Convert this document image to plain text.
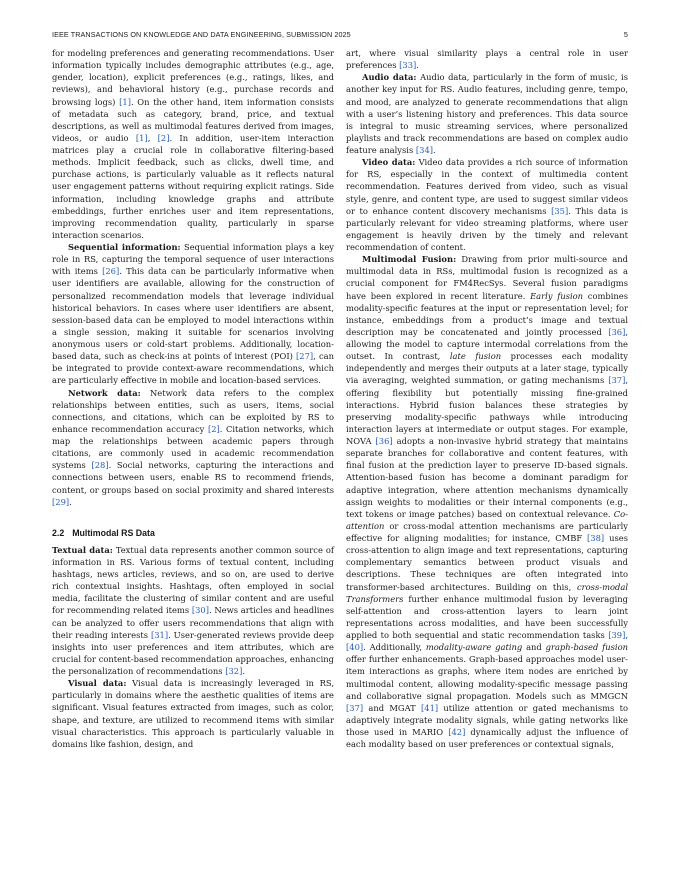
IEEE TRANSACTIONS ON KNOWLEDGE AND DATA ENGINEERING, SUBMISSION 2025	5

for modeling preferences and generating recommendations. User information typically includes demographic attributes (e.g., age, gender, location), explicit preferences (e.g., ratings, likes, and reviews), and behavioral history (e.g., purchase records and browsing logs) [1]. On the other hand, item information consists of metadata such as category, brand, price, and textual descriptions, as well as multimodal features derived from images, videos, or audio [1], [2]. In addition, user-item interaction matrices play a crucial role in collaborative filtering-based methods. Implicit feedback, such as clicks, dwell time, and purchase actions, is particularly valuable as it reflects natural user engagement patterns without requiring explicit ratings. Side information, including knowledge graphs and attribute embeddings, further enriches user and item representations, improving recommendation quality, particularly in sparse interaction scenarios.

Sequential information: Sequential information plays a key role in RS, capturing the temporal sequence of user interactions with items [26]. This data can be particularly informative when user identifiers are available, allowing for the construction of personalized recommendation models that leverage individual historical behaviors. In cases where user identifiers are absent, session-based data can be employed to model interactions within a single session, making it suitable for scenarios involving anonymous users or cold-start problems. Additionally, location-based data, such as check-ins at points of interest (POI) [27], can be integrated to provide context-aware recommendations, which are particularly effective in mobile and location-based services.

Network data: Network data refers to the complex relationships between entities, such as users, items, social connections, and citations, which can be exploited by RS to enhance recommendation accuracy [2]. Citation networks, which map the relationships between academic papers through citations, are commonly used in academic recommendation systems [28]. Social networks, capturing the interactions and connections between users, enable RS to recommend friends, content, or groups based on social proximity and shared interests [29].

2.2 Multimodal RS Data

Textual data: Textual data represents another common source of information in RS. Various forms of textual content, including hashtags, news articles, reviews, and so on, are used to derive rich contextual insights. Hashtags, often employed in social media, facilitate the clustering of similar content and are useful for recommending related items [30]. News articles and headlines can be analyzed to offer users recommendations that align with their reading interests [31]. User-generated reviews provide deep insights into user preferences and item attributes, which are crucial for content-based recommendation approaches, enhancing the personalization of recommendations [32].

Visual data: Visual data is increasingly leveraged in RS, particularly in domains where the aesthetic qualities of items are significant. Visual features extracted from images, such as color, shape, and texture, are utilized to recommend items with similar visual characteristics. This approach is particularly valuable in domains like fashion, design, and

art, where visual similarity plays a central role in user preferences [33].

Audio data: Audio data, particularly in the form of music, is another key input for RS. Audio features, including genre, tempo, and mood, are analyzed to generate recommendations that align with a user’s listening history and preferences. This data source is integral to music streaming services, where personalized playlists and track recommendations are based on complex audio feature analysis [34].

Video data: Video data provides a rich source of information for RS, especially in the context of multimedia content recommendation. Features derived from video, such as visual style, genre, and content type, are used to suggest similar videos or to enhance content discovery mechanisms [35]. This data is particularly relevant for video streaming platforms, where user engagement is heavily driven by the timely and relevant recommendation of content.

Multimodal Fusion: Drawing from prior multi-source and multimodal data in RSs, multimodal fusion is recognized as a crucial component for FM4RecSys. Several fusion paradigms have been explored in recent literature. Early fusion combines modality-specific features at the input or representation level; for instance, embeddings from a product’s image and textual description may be concatenated and jointly processed [36], allowing the model to capture intermodal correlations from the outset. In contrast, late fusion processes each modality independently and merges their outputs at a later stage, typically via averaging, weighted summation, or gating mechanisms [37], offering flexibility but potentially missing fine-grained interactions. Hybrid fusion balances these strategies by preserving modality-specific pathways while introducing interaction layers at intermediate or output stages. For example, NOVA [36] adopts a non-invasive hybrid strategy that maintains separate branches for collaborative and content features, with final fusion at the prediction layer to preserve ID-based signals. Attention-based fusion has become a dominant paradigm for adaptive integration, where attention mechanisms dynamically assign weights to modalities or their internal components (e.g., text tokens or image patches) based on contextual relevance. Co-attention or cross-modal attention mechanisms are particularly effective for aligning modalities; for instance, CMBF [38] uses cross-attention to align image and text representations, capturing complementary semantics between product visuals and descriptions. These techniques are often integrated into transformer-based architectures. Building on this, cross-modal Transformers further enhance multimodal fusion by leveraging self-attention and cross-attention layers to learn joint representations across modalities, and have been successfully applied to both sequential and static recommendation tasks [39], [40]. Additionally, modality-aware gating and graph-based fusion offer further enhancements. Graph-based approaches model user-item interactions as graphs, where item nodes are enriched by multimodal content, allowing modality-specific message passing and collaborative signal propagation. Models such as MMGCN [37] and MGAT [41] utilize attention or gated mechanisms to adaptively integrate modality signals, while gating networks like those used in MARIO [42] dynamically adjust the influence of each modality based on user preferences or contextual signals,
